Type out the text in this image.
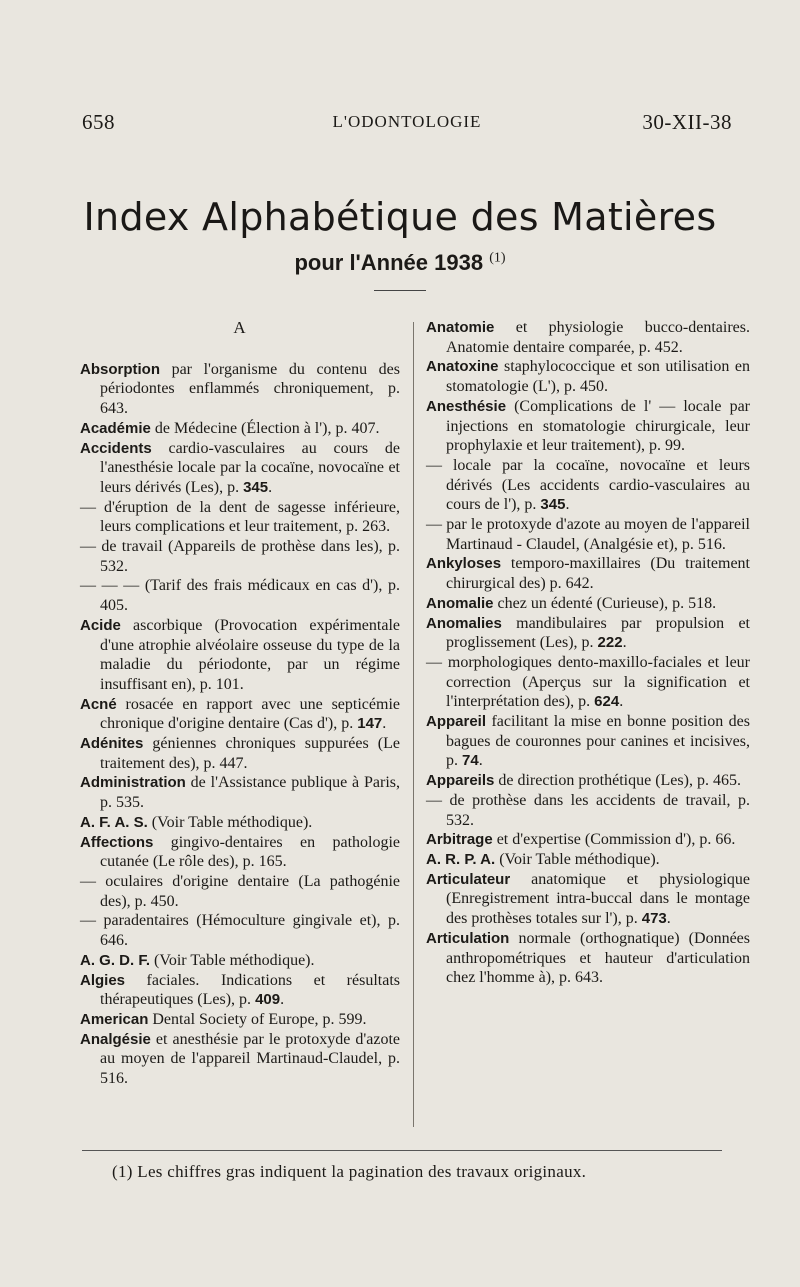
658	L'ODONTOLOGIE	30-XII-38
Index Alphabétique des Matières
pour l'Année 1938 $^{(1)}$
A

Absorption par l'organisme du contenu des périodontes enflammés chroniquement, p. 643.

Académie de Médecine (Élection à l'), p. 407.

Accidents cardio-vasculaires au cours de l'anesthésie locale par la cocaïne, novocaïne et leurs dérivés (Les), p. 345.

— d'éruption de la dent de sagesse inférieure, leurs complications et leur traitement, p. 263.

— de travail (Appareils de prothèse dans les), p. 532.

— — — (Tarif des frais médicaux en cas d'), p. 405.

Acide ascorbique (Provocation expérimentale d'une atrophie alvéolaire osseuse du type de la maladie du périodonte, par un régime insuffisant en), p. 101.

Acné rosacée en rapport avec une septicémie chronique d'origine dentaire (Cas d'), p. 147.

Adénites géniennes chroniques suppurées (Le traitement des), p. 447.

Administration de l'Assistance publique à Paris, p. 535.

A. F. A. S. (Voir Table méthodique).

Affections gingivo-dentaires en pathologie cutanée (Le rôle des), p. 165.

— oculaires d'origine dentaire (La pathogénie des), p. 450.

— paradentaires (Hémoculture gingivale et), p. 646.

A. G. D. F. (Voir Table méthodique).

Algies faciales. Indications et résultats thérapeutiques (Les), p. 409.

American Dental Society of Europe, p. 599.

Analgésie et anesthésie par le protoxyde d'azote au moyen de l'appareil Martinaud-Claudel, p. 516.

Anatomie et physiologie bucco-dentaires. Anatomie dentaire comparée, p. 452.

Anatoxine staphylococcique et son utilisation en stomatologie (L'), p. 450.

Anesthésie (Complications de l' — locale par injections en stomatologie chirurgicale, leur prophylaxie et leur traitement), p. 99.

— locale par la cocaïne, novocaïne et leurs dérivés (Les accidents cardio-vasculaires au cours de l'), p. 345.

— par le protoxyde d'azote au moyen de l'appareil Martinaud - Claudel, (Analgésie et), p. 516.

Ankyloses temporo-maxillaires (Du traitement chirurgical des) p. 642.

Anomalie chez un édenté (Curieuse), p. 518.

Anomalies mandibulaires par propulsion et proglissement (Les), p. 222.

— morphologiques dento-maxillo-faciales et leur correction (Aperçus sur la signification et l'interprétation des), p. 624.

Appareil facilitant la mise en bonne position des bagues de couronnes pour canines et incisives, p. 74.

Appareils de direction prothétique (Les), p. 465.

— de prothèse dans les accidents de travail, p. 532.

Arbitrage et d'expertise (Commission d'), p. 66.

A. R. P. A. (Voir Table méthodique).

Articulateur anatomique et physiologique (Enregistrement intra-buccal dans le montage des prothèses totales sur l'), p. 473.

Articulation normale (orthognatique) (Données anthropométriques et hauteur d'articulation chez l'homme à), p. 643.

(1) Les chiffres gras indiquent la pagination des travaux originaux.
